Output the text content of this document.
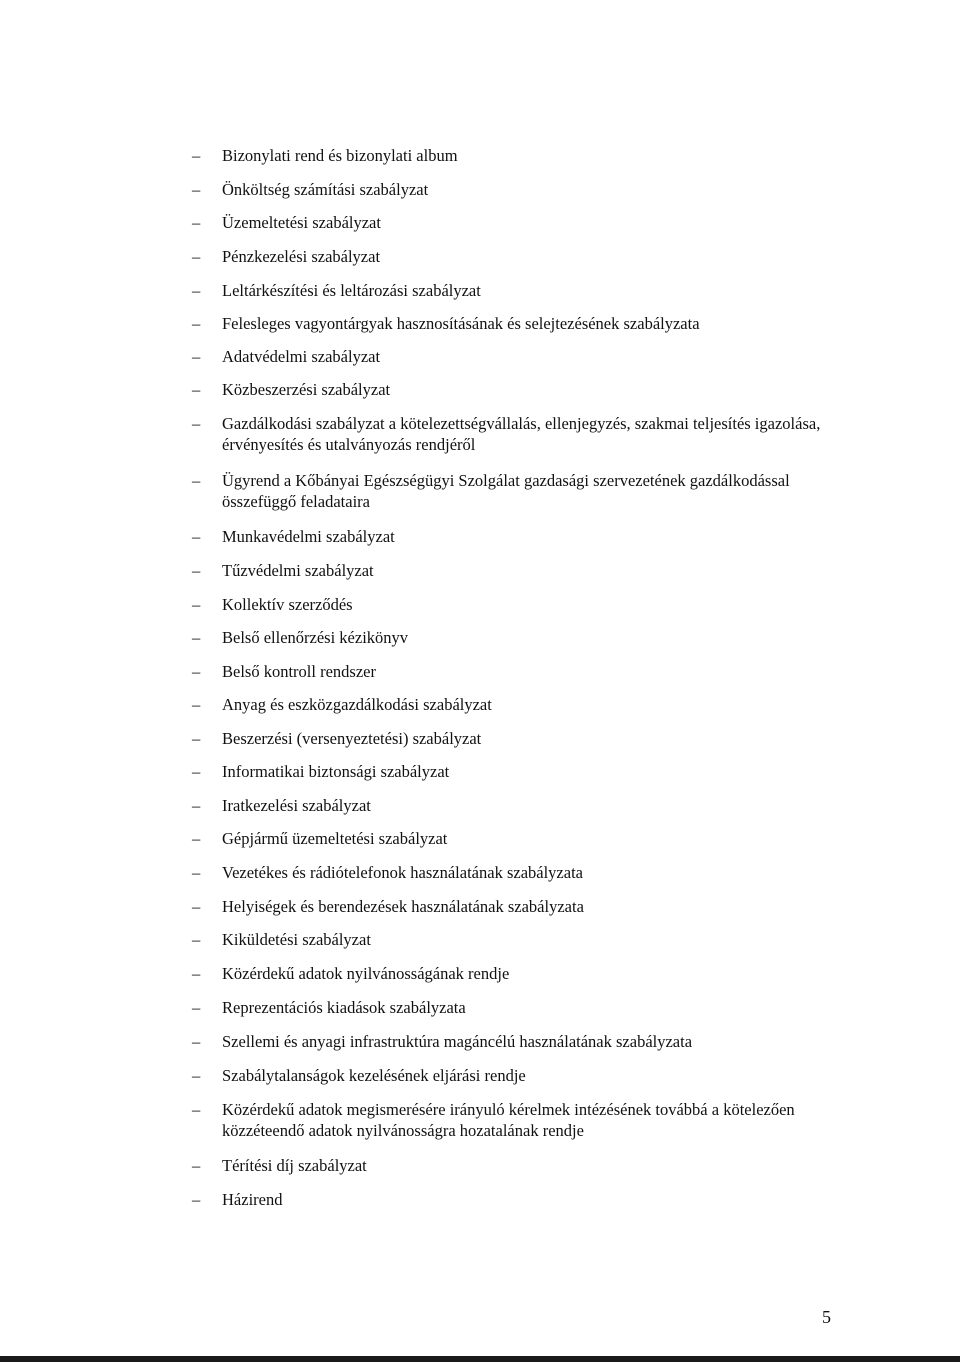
–	Bizonylati rend és bizonylati album
–	Önköltség számítási szabályzat
–	Üzemeltetési szabályzat
–	Pénzkezelési szabályzat
–	Leltárkészítési és leltározási szabályzat
–	Felesleges vagyontárgyak hasznosításának és selejtezésének szabályzata
–	Adatvédelmi szabályzat
–	Közbeszerzési szabályzat
–	Gazdálkodási szabályzat a kötelezettségvállalás, ellenjegyzés, szakmai teljesítés igazolása, érvényesítés és utalványozás rendjéről
–	Ügyrend a Kőbányai Egészségügyi Szolgálat gazdasági szervezetének gazdálkodással összefüggő feladataira
–	Munkavédelmi szabályzat
–	Tűzvédelmi szabályzat
–	Kollektív szerződés
–	Belső ellenőrzési kézikönyv
–	Belső kontroll rendszer
–	Anyag és eszközgazdálkodási szabályzat
–	Beszerzési (versenyeztetési) szabályzat
–	Informatikai biztonsági szabályzat
–	Iratkezelési szabályzat
–	Gépjármű üzemeltetési szabályzat
–	Vezetékes és rádiótelefonok használatának szabályzata
–	Helyiségek és berendezések használatának szabályzata
–	Kiküldetési szabályzat
–	Közérdekű adatok nyilvánosságának rendje
–	Reprezentációs kiadások szabályzata
–	Szellemi és anyagi infrastruktúra magáncélú használatának szabályzata
–	Szabálytalanságok kezelésének eljárási rendje
–	Közérdekű adatok megismerésére irányuló kérelmek intézésének továbbá a kötelezően közzéteendő adatok nyilvánosságra hozatalának rendje
–	Térítési díj szabályzat
–	Házirend
5
